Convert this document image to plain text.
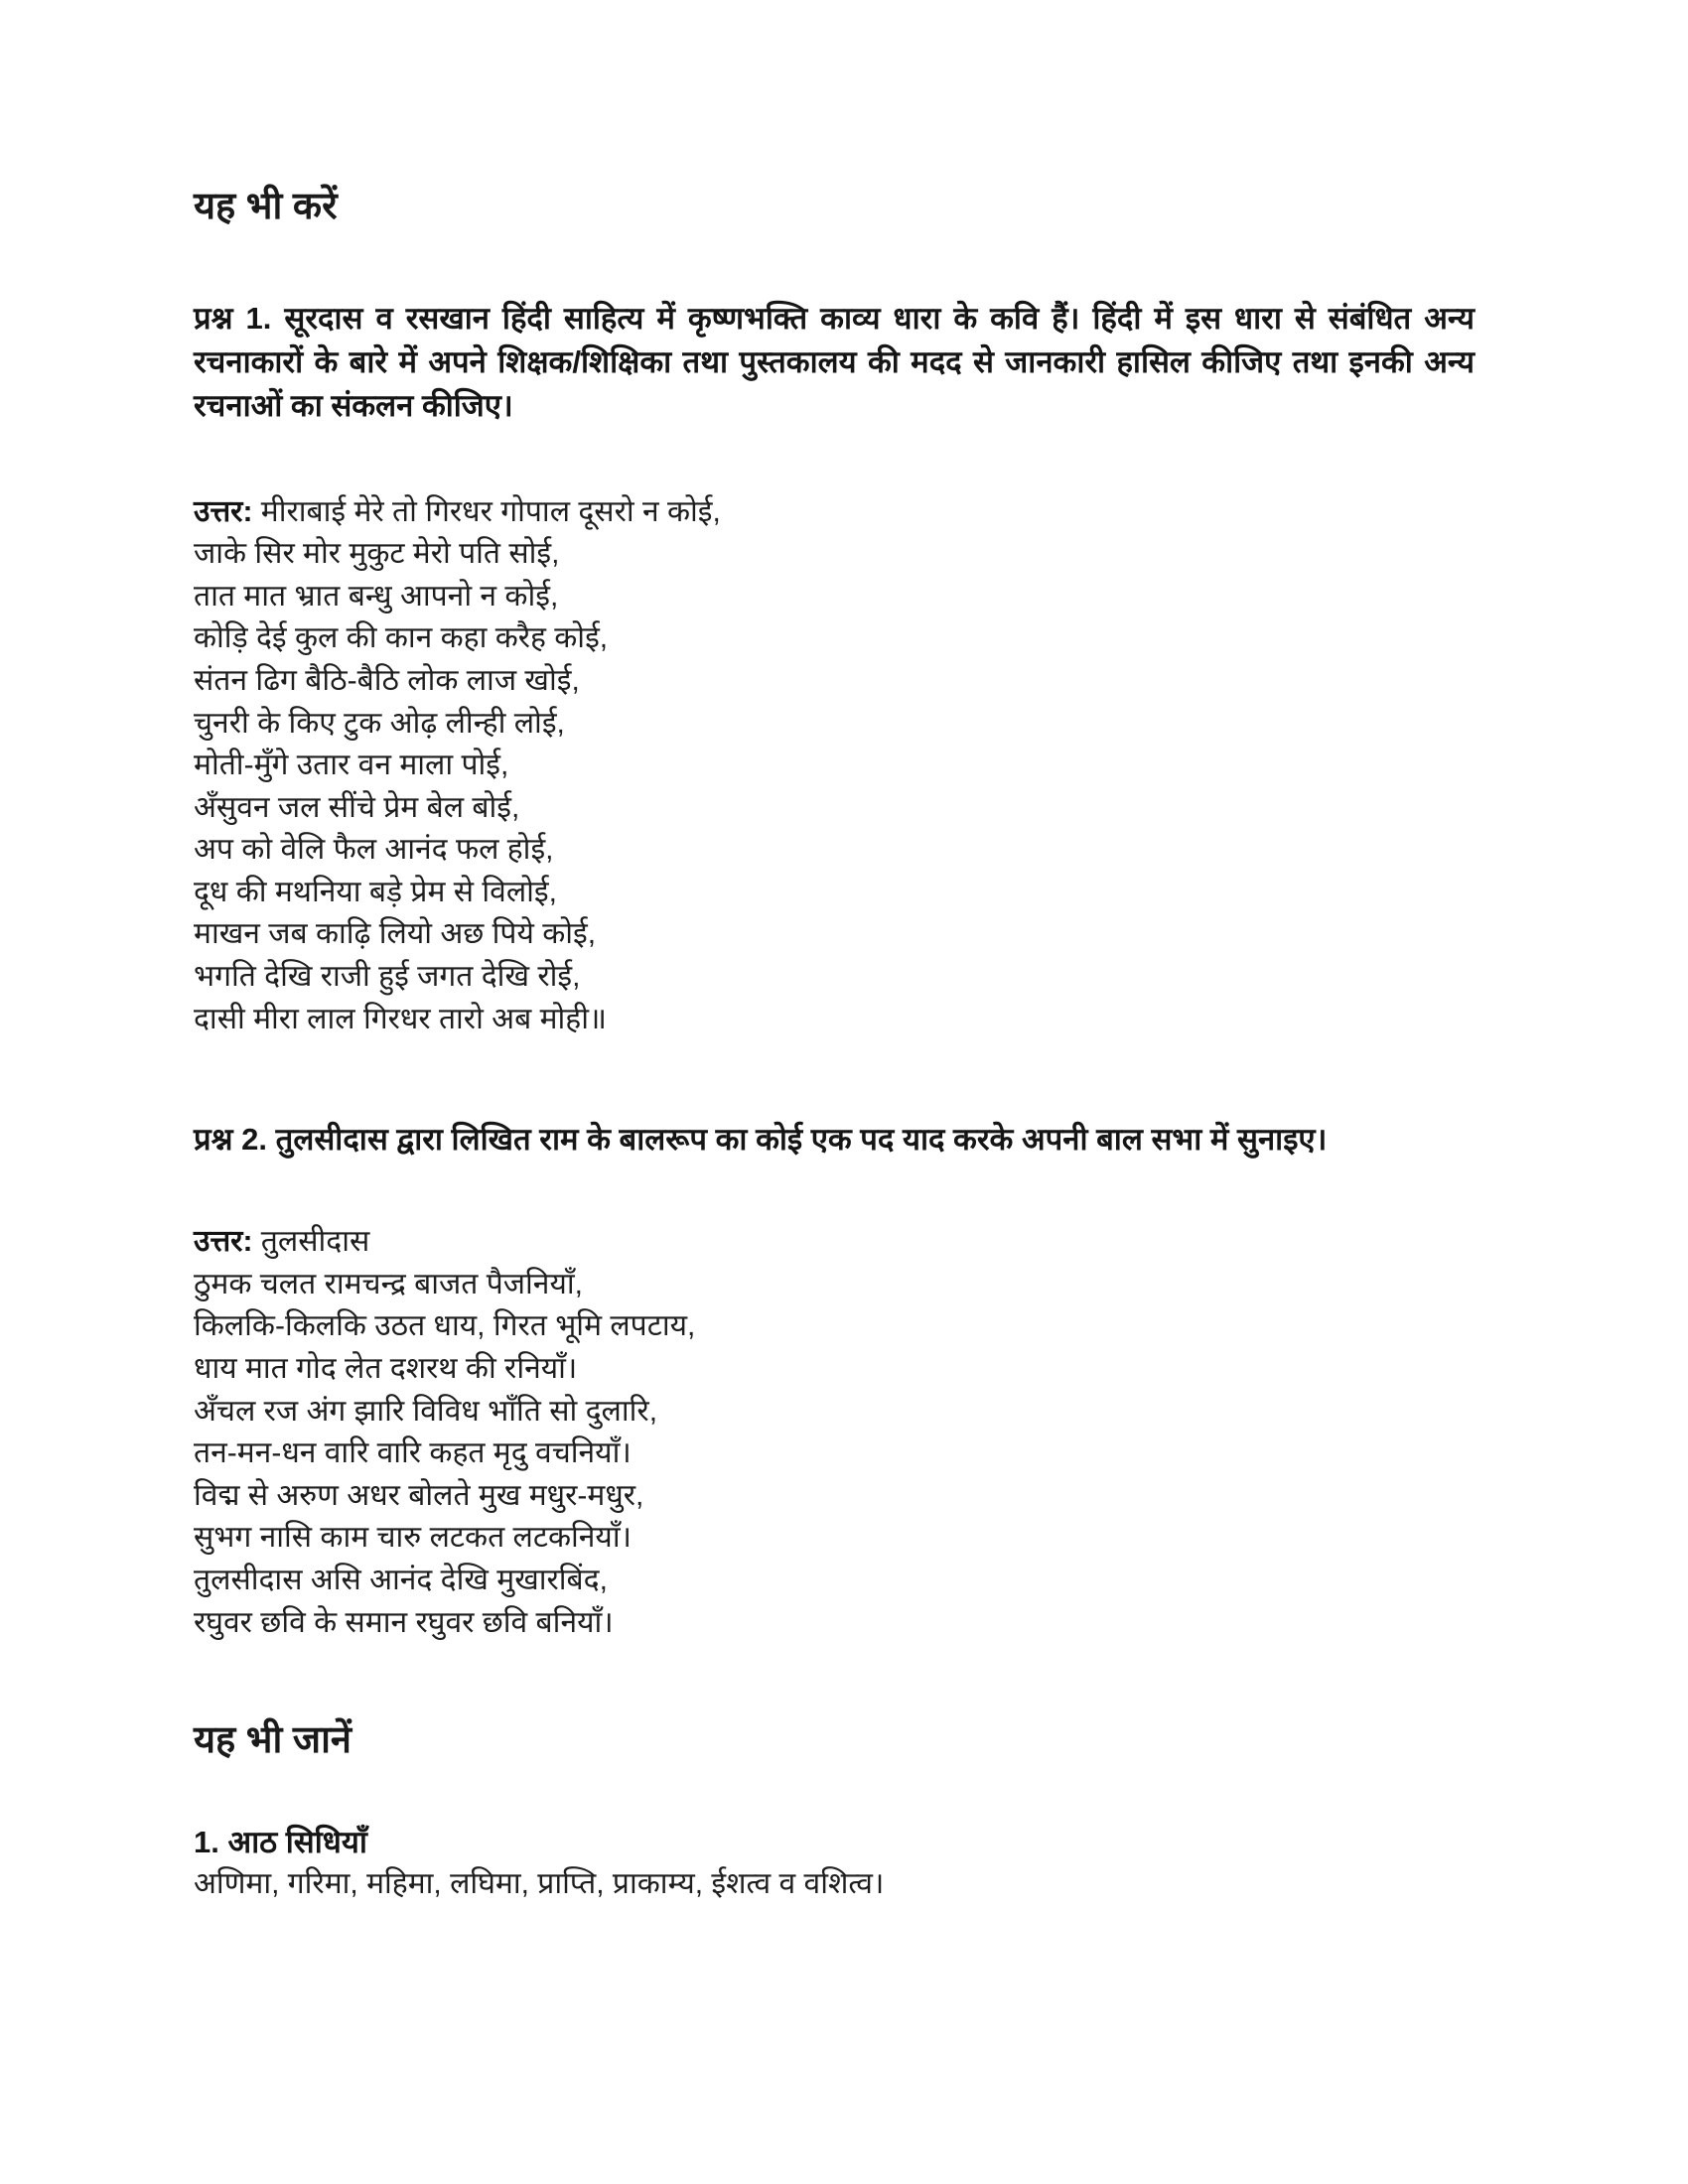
यह भी करें

प्रश्न 1. सूरदास व रसखान हिंदी साहित्य में कृष्णभक्ति काव्य धारा के कवि हैं। हिंदी में इस धारा से संबंधित अन्य रचनाकारों के बारे में अपने शिक्षक/शिक्षिका तथा पुस्तकालय की मदद से जानकारी हासिल कीजिए तथा इनकी अन्य रचनाओं का संकलन कीजिए।

उत्तर: मीराबाई मेरे तो गिरधर गोपाल दूसरो न कोई,
जाके सिर मोर मुकुट मेरो पति सोई,
तात मात भ्रात बन्धु आपनो न कोई,
कोड़ि देई कुल की कान कहा करैह कोई,
संतन ढिग बैठि-बैठि लोक लाज खोई,
चुनरी के किए टुक ओढ़ लीन्ही लोई,
मोती-मुँगे उतार वन माला पोई,
अँसुवन जल सींचे प्रेम बेल बोई,
अप को वेलि फैल आनंद फल होई,
दूध की मथनिया बड़े प्रेम से विलोई,
माखन जब काढ़ि लियो अछ पिये कोई,
भगति देखि राजी हुई जगत देखि रोई,
दासी मीरा लाल गिरधर तारो अब मोही॥

प्रश्न 2. तुलसीदास द्वारा लिखित राम के बालरूप का कोई एक पद याद करके अपनी बाल सभा में सुनाइए।

उत्तर: तुलसीदास
ठुमक चलत रामचन्द्र बाजत पैजनियाँ,
किलकि-किलकि उठत धाय, गिरत भूमि लपटाय,
धाय मात गोद लेत दशरथ की रनियाँ।
अँचल रज अंग झारि विविध भाँति सो दुलारि,
तन-मन-धन वारि वारि कहत मृदु वचनियाँ।
विद्म से अरुण अधर बोलते मुख मधुर-मधुर,
सुभग नासि काम चारु लटकत लटकनियाँ।
तुलसीदास असि आनंद देखि मुखारबिंद,
रघुवर छवि के समान रघुवर छवि बनियाँ।
यह भी जानें
1. आठ सिधियाँ
अणिमा, गरिमा, महिमा, लघिमा, प्राप्ति, प्राकाम्य, ईशत्व व वशित्व।
